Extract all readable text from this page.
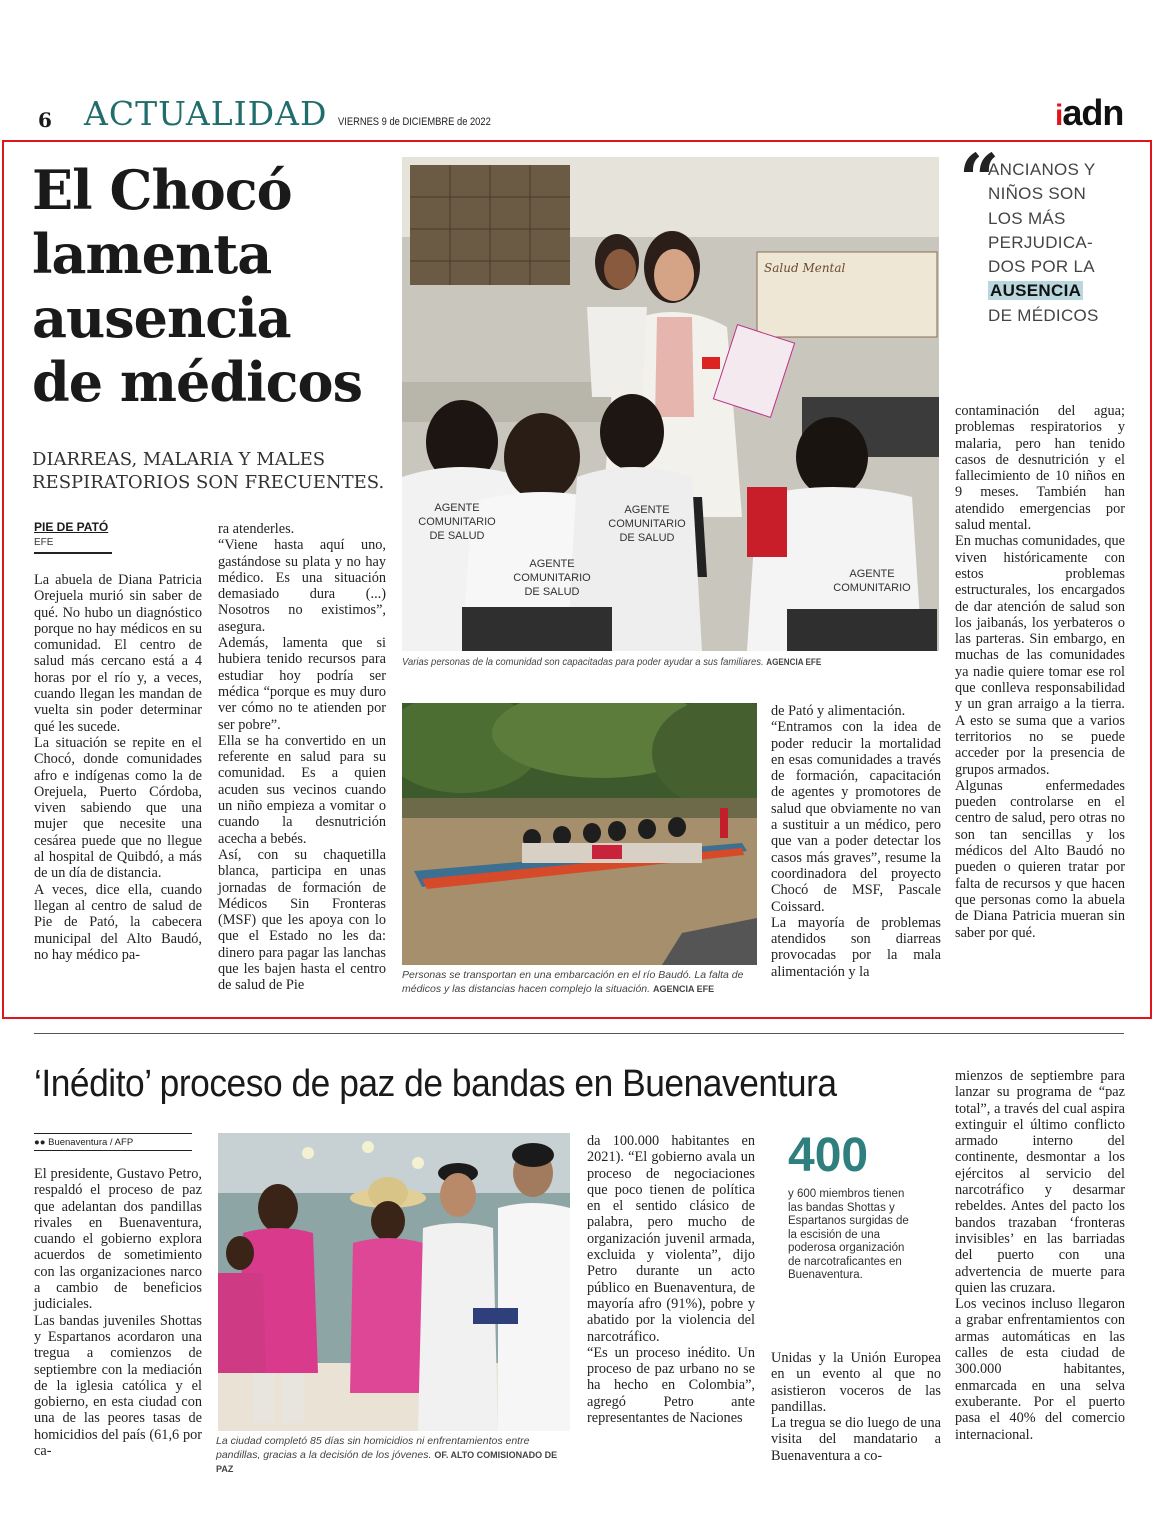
6 ACTUALIDAD VIERNES 9 de DICIEMBRE de 2022	iadn
El Chocó
lamenta
ausencia
de médicos
DIARREAS, MALARIA Y MALES
RESPIRATORIOS SON FRECUENTES.
PIE DE PATÓ
EFE
La abuela de Diana Patricia Orejuela murió sin saber de qué. No hubo un diagnóstico porque no hay médicos en su comunidad. El centro de salud más cercano está a 4 horas por el río y, a veces, cuando llegan les mandan de vuelta sin poder determinar qué les sucede.
La situación se repite en el Chocó, donde comunidades afro e indígenas como la de Orejuela, Puerto Córdoba, viven sabiendo que una mujer que necesite una cesárea puede que no llegue al hospital de Quibdó, a más de un día de distancia.
A veces, dice ella, cuando llegan al centro de salud de Pie de Pató, la cabecera municipal del Alto Baudó, no hay médico pa-
ra atenderles.
“Viene hasta aquí uno, gastándose su plata y no hay médico. Es una situación demasiado dura (...) Nosotros no existimos”, asegura.
Además, lamenta que si hubiera tenido recursos para estudiar hoy podría ser médica “porque es muy duro ver cómo no te atienden por ser pobre”.
Ella se ha convertido en un referente en salud para su comunidad. Es a quien acuden sus vecinos cuando un niño empieza a vomitar o cuando la desnutrición acecha a bebés.
Así, con su chaquetilla blanca, participa en unas jornadas de formación de Médicos Sin Fronteras (MSF) que les apoya con lo que el Estado no les da: dinero para pagar las lanchas que les bajen hasta el centro de salud de Pie
de Pató y alimentación.
“Entramos con la idea de poder reducir la mortalidad en esas comunidades a través de formación, capacitación de agentes y promotores de salud que obviamente no van a sustituir a un médico, pero que van a poder detectar los casos más graves”, resume la coordinadora del proyecto Chocó de MSF, Pascale Coissard.
La mayoría de problemas atendidos son diarreas provocadas por la mala alimentación y la
contaminación del agua; problemas respiratorios y malaria, pero han tenido casos de desnutrición y el fallecimiento de 10 niños en 9 meses. También han atendido emergencias por salud mental.
En muchas comunidades, que viven históricamente con estos problemas estructurales, los encargados de dar atención de salud son los jaibanás, los yerbateros o las parteras. Sin embargo, en muchas de las comunidades ya nadie quiere tomar ese rol que conlleva responsabilidad y un gran arraigo a la tierra. A esto se suma que a varios territorios no se puede acceder por la presencia de grupos armados.
Algunas enfermedades pueden controlarse en el centro de salud, pero otras no son tan sencillas y los médicos del Alto Baudó no pueden o quieren tratar por falta de recursos y que hacen que personas como la abuela de Diana Patricia mueran sin saber por qué.
“
ANCIANOS Y
NIÑOS SON
LOS MÁS
PERJUDICA-
DOS POR LA
AUSENCIA
DE MÉDICOS
Salud Mental
AGENTE
COMUNITARIO
DE SALUD
AGENTE
COMUNITARIO
DE SALUD
AGENTE
COMUNITARIO
DE SALUD
AGENTE
COMUNITARIO
Varias personas de la comunidad son capacitadas para poder ayudar a sus familiares. AGENCIA EFE
Personas se transportan en una embarcación en el río Baudó. La falta de médicos y las distancias hacen complejo la situación. AGENCIA EFE
‘Inédito’ proceso de paz de bandas en Buenaventura
●● Buenaventura / AFP
El presidente, Gustavo Petro, respaldó el proceso de paz que adelantan dos pandillas rivales en Buenaventura, cuando el gobierno explora acuerdos de sometimiento con las organizaciones narco a cambio de beneficios judiciales.
Las bandas juveniles Shottas y Espartanos acordaron una tregua a comienzos de septiembre con la mediación de la iglesia católica y el gobierno, en esta ciudad con una de las peores tasas de homicidios del país (61,6 por ca-
da 100.000 habitantes en 2021). “El gobierno avala un proceso de negociaciones que poco tienen de política en el sentido clásico de palabra, pero mucho de organización juvenil armada, excluida y violenta”, dijo Petro durante un acto público en Buenaventura, de mayoría afro (91%), pobre y abatido por la violencia del narcotráfico.
“Es un proceso inédito. Un proceso de paz urbano no se ha hecho en Colombia”, agregó Petro ante representantes de Naciones
Unidas y la Unión Europea en un evento al que no asistieron voceros de las pandillas.
La tregua se dio luego de una visita del mandatario a Buenaventura a co-
mienzos de septiembre para lanzar su programa de “paz total”, a través del cual aspira extinguir el último conflicto armado interno del continente, desmontar a los ejércitos al servicio del narcotráfico y desarmar rebeldes. Antes del pacto los bandos trazaban ‘fronteras invisibles’ en las barriadas del puerto con una advertencia de muerte para quien las cruzara.
Los vecinos incluso llegaron a grabar enfrentamientos con armas automáticas en las calles de esta ciudad de 300.000 habitantes, enmarcada en una selva exuberante. Por el puerto pasa el 40% del comercio internacional.
400
y 600 miembros tienen las bandas Shottas y Espartanos surgidas de la escisión de una poderosa organización de narcotraficantes en Buenaventura.
La ciudad completó 85 días sin homicidios ni enfrentamientos entre pandillas, gracias a la decisión de los jóvenes. OF. ALTO COMISIONADO DE PAZ
